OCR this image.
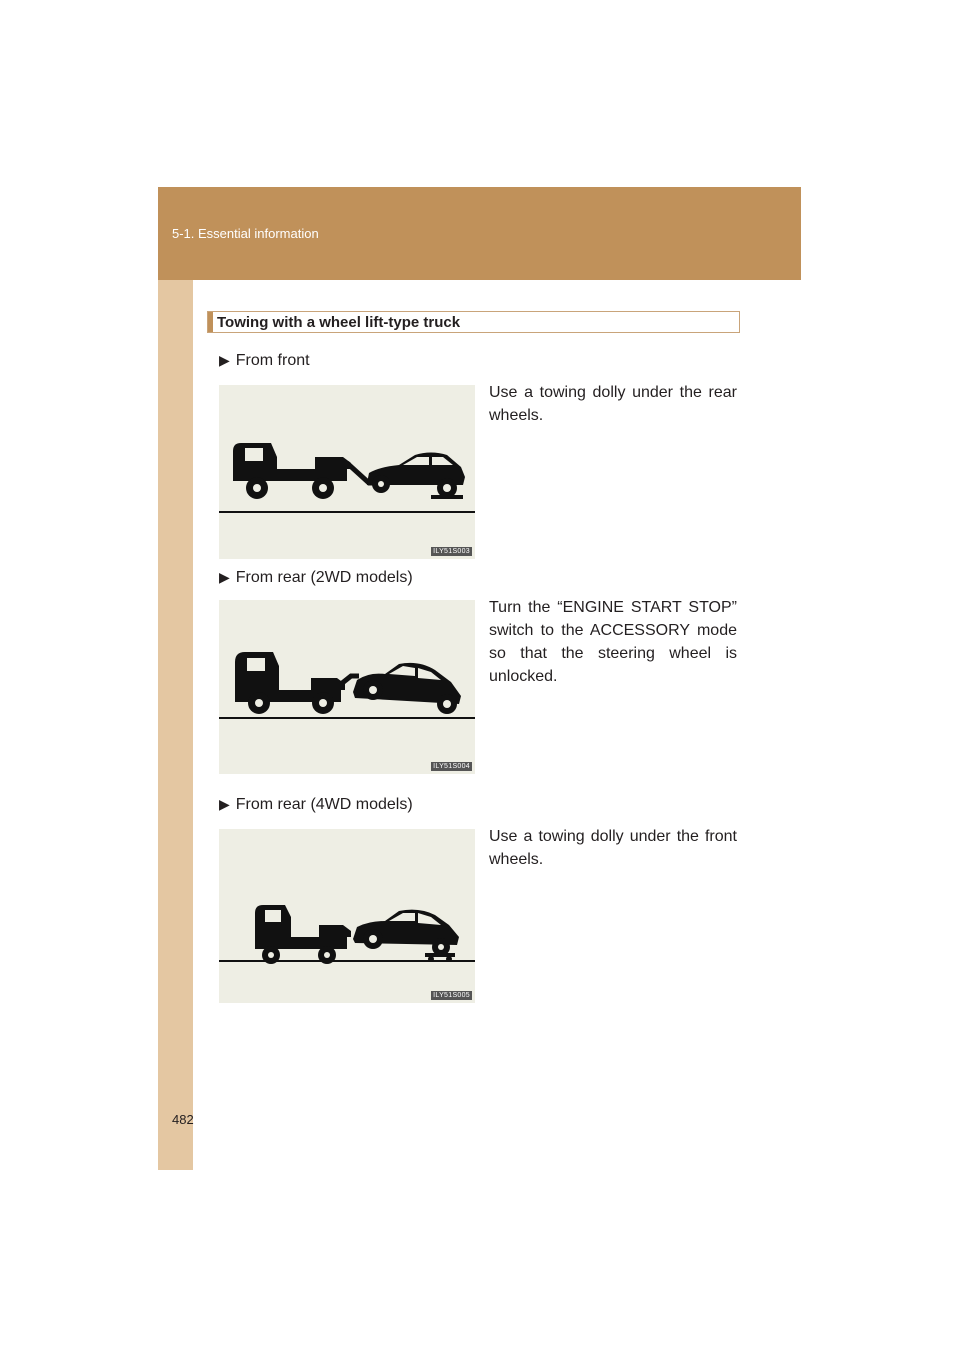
5-1. Essential information
Towing with a wheel lift-type truck
▶ From front
ILY51S003
Use a towing dolly under the rear wheels.
▶ From rear (2WD models)
ILY51S004
Turn the “ENGINE START STOP” switch to the ACCESSORY mode so that the steering wheel is unlocked.
▶ From rear (4WD models)
ILY51S005
Use a towing dolly under the front wheels.
482
